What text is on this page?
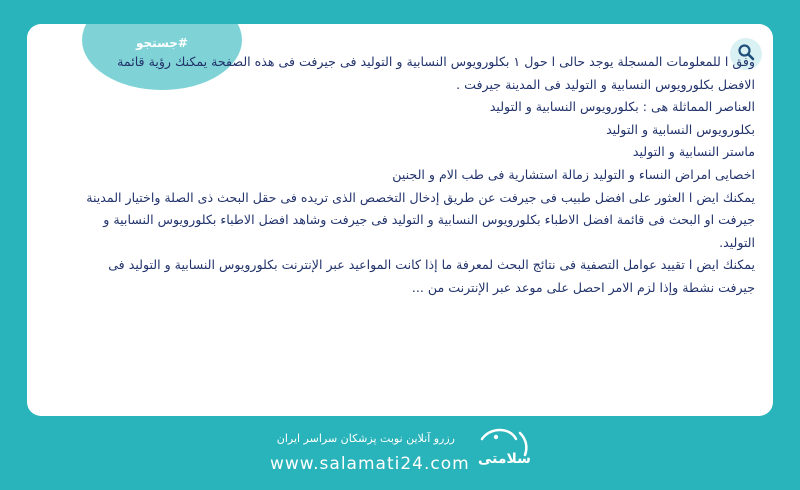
#جستجو

وفق ا للمعلومات المسجلة يوجد حالى ا حول ١ بكلورويوس النسابية و التوليد فى جيرفت فى هذه الصفحة يمكنك رؤية قائمة الافضل بكلورويوس النسابية و التوليد فى المدينة جيرفت .

العناصر المماثلة هى : بكلورويوس النسابية و التوليد

بكلورويوس النسابية و التوليد

ماستر النسابية و التوليد

اخصايى امراض النساء و التوليد زمالة استشارية فى طب الام و الجنين

يمكنك ايض ا العثور على افضل طبيب فى جيرفت عن طريق إدخال التخصص الذى تريده فى حقل البحث ذى الصلة واختيار المدينة جيرفت او البحث فى قائمة افضل الاطباء بكلورويوس النسابية و التوليد فى جيرفت وشاهد افضل الاطباء بكلورويوس النسابية و التوليد.

يمكنك ايض ا تقييد عوامل التصفية فى نتائج البحث لمعرفة ما إذا كانت المواعيد عبر الإنترنت بكلورويوس النسابية و التوليد فى جيرفت نشطة وإذا لزم الامر احصل على موعد عبر الإنترنت من ...

سلامتی
رزرو آنلاین نوبت پزشکان سراسر ایران
www.salamati24.com
